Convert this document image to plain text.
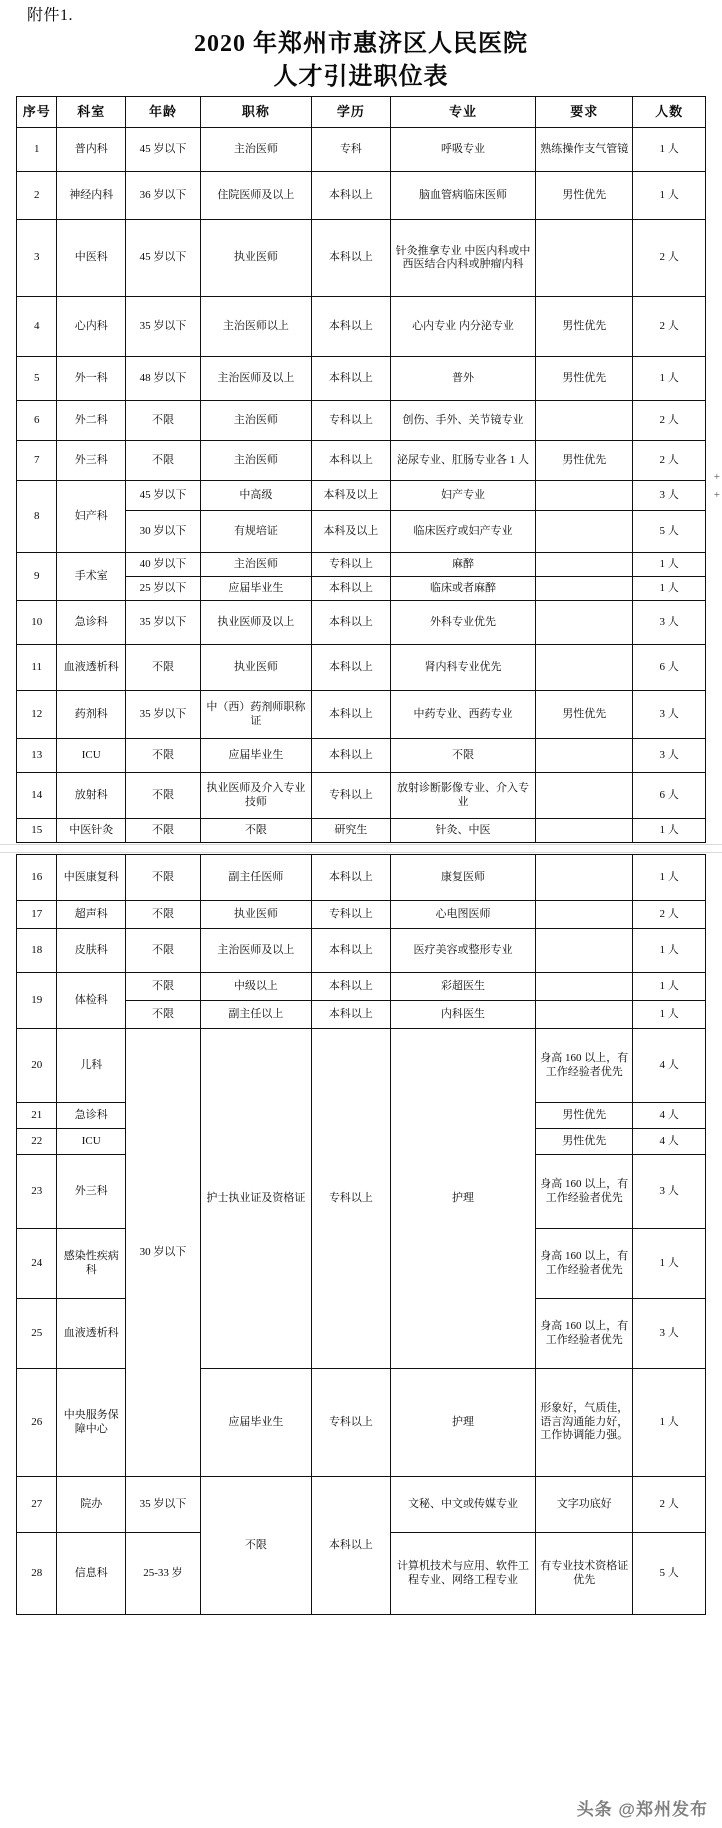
附件1.
2020 年郑州市惠济区人民医院
人才引进职位表
序号	科室	年龄	职称	学历	专业	要求	人数
1	普内科	45 岁以下	主治医师	专科	呼吸专业	熟练操作支气管镜	1 人
2	神经内科	36 岁以下	住院医师及以上	本科以上	脑血管病临床医师	男性优先	1 人
3	中医科	45 岁以下	执业医师	本科以上	针灸推拿专业 中医内科或中西医结合内科或肿瘤内科		2 人
4	心内科	35 岁以下	主治医师以上	本科以上	心内专业 内分泌专业	男性优先	2 人
5	外一科	48 岁以下	主治医师及以上	本科以上	普外	男性优先	1 人
6	外二科	不限	主治医师	专科以上	创伤、手外、关节镜专业		2 人
7	外三科	不限	主治医师	本科以上	泌尿专业、肛肠专业各 1 人	男性优先	2 人
8	妇产科	45 岁以下	中高级	本科及以上	妇产专业		3 人
		30 岁以下	有规培证	本科及以上	临床医疗或妇产专业		5 人
9	手术室	40 岁以下	主治医师	专科以上	麻醉		1 人
		25 岁以下	应届毕业生	本科以上	临床或者麻醉		1 人
10	急诊科	35 岁以下	执业医师及以上	本科以上	外科专业优先		3 人
11	血液透析科	不限	执业医师	本科以上	肾内科专业优先		6 人
12	药剂科	35 岁以下	中（西）药剂师职称证	本科以上	中药专业、西药专业	男性优先	3 人
13	ICU	不限	应届毕业生	本科以上	不限		3 人
14	放射科	不限	执业医师及介入专业技师	专科以上	放射诊断影像专业、介入专业		6 人
15	中医针灸	不限	不限	研究生	针灸、中医		1 人
16	中医康复科	不限	副主任医师	本科以上	康复医师		1 人
17	超声科	不限	执业医师	专科以上	心电图医师		2 人
18	皮肤科	不限	主治医师及以上	本科以上	医疗美容或整形专业		1 人
19	体检科	不限	中级以上	本科以上	彩超医生		1 人
		不限	副主任以上	本科以上	内科医生		1 人
20	儿科	30 岁以下	护士执业证及资格证	专科以上	护理	身高 160 以上，有工作经验者优先	4 人
21	急诊科					男性优先	4 人
22	ICU					男性优先	4 人
23	外三科					身高 160 以上，有工作经验者优先	3 人
24	感染性疾病科					身高 160 以上，有工作经验者优先	1 人
25	血液透析科					身高 160 以上，有工作经验者优先	3 人
26	中央服务保障中心		应届毕业生	专科以上	护理	形象好，气质佳，语言沟通能力好，工作协调能力强。	1 人
27	院办	35 岁以下	不限	本科以上	文秘、中文或传媒专业	文字功底好	2 人
28	信息科	25-33 岁			计算机技术与应用、软件工程专业、网络工程专业	有专业技术资格证优先	5 人
+
+
头条 @郑州发布
